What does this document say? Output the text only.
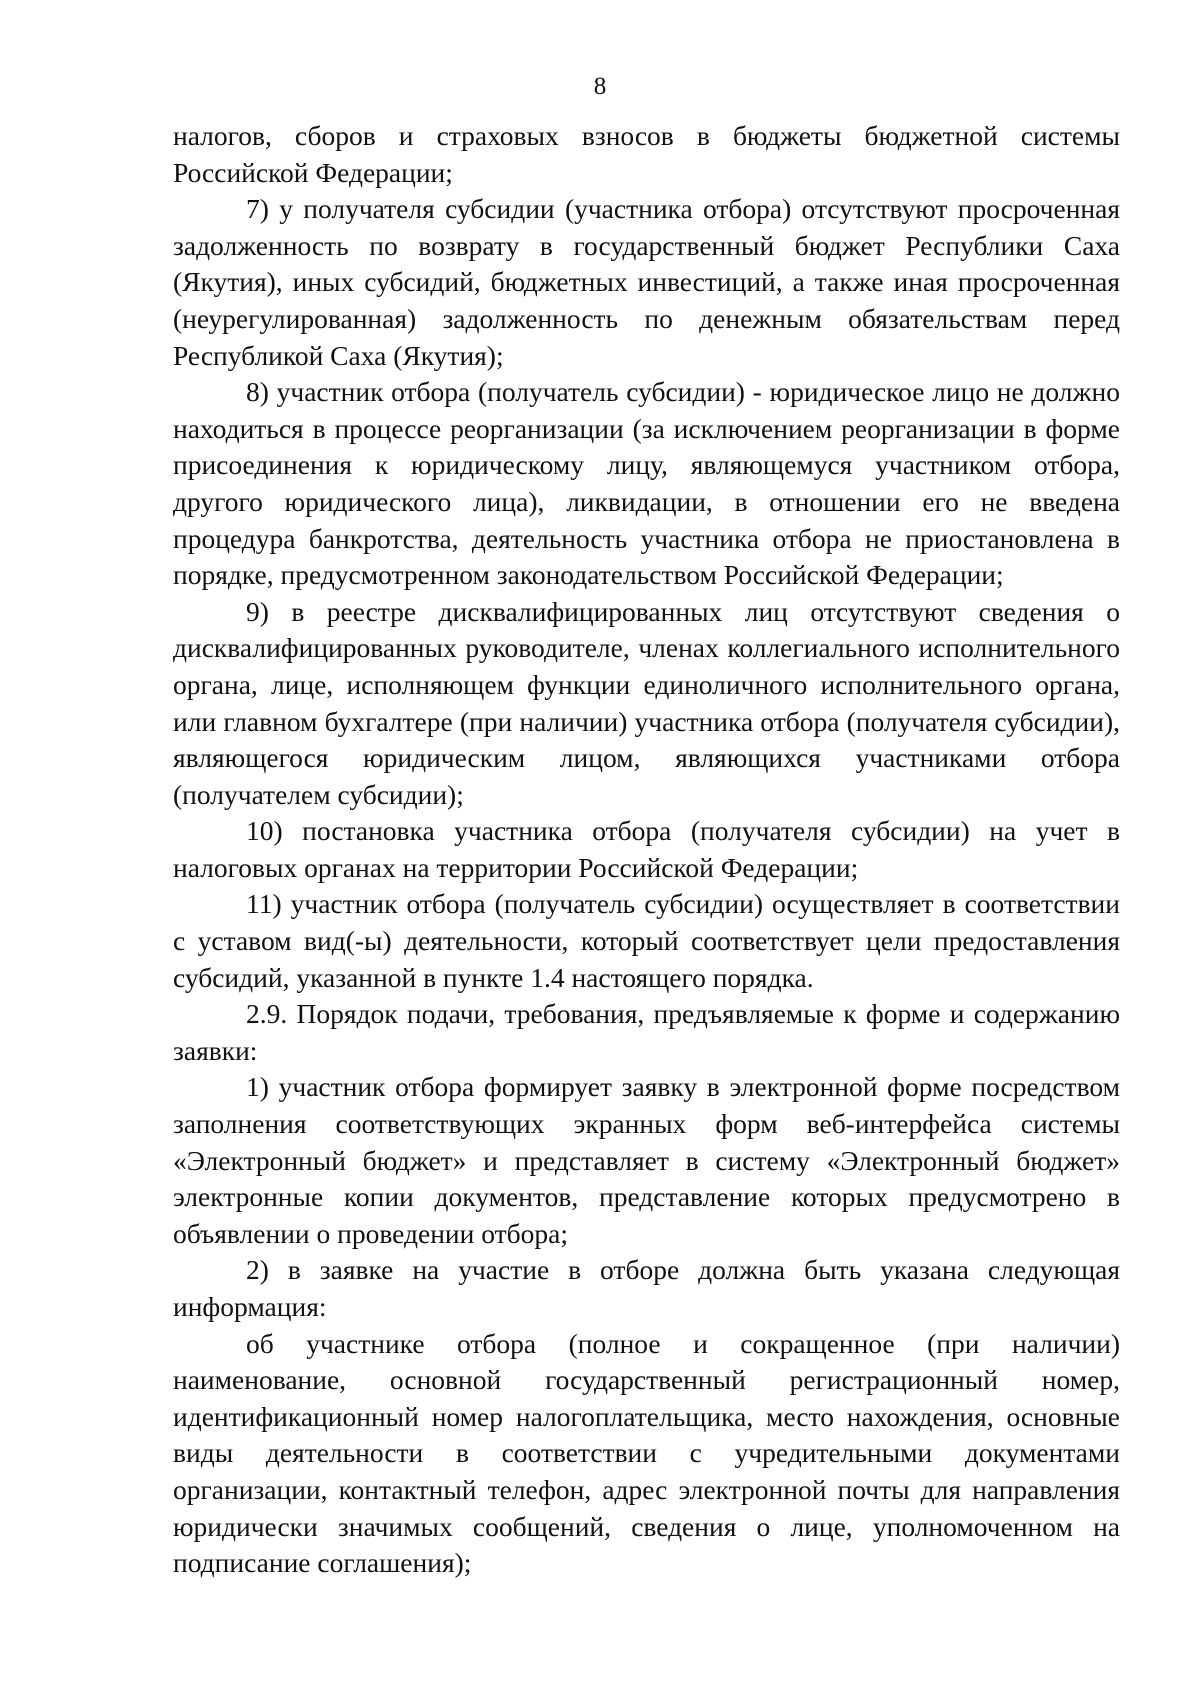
8

налогов, сборов и страховых взносов в бюджеты бюджетной системы Российской Федерации;

7) у получателя субсидии (участника отбора) отсутствуют просроченная задолженность по возврату в государственный бюджет Республики Саха (Якутия), иных субсидий, бюджетных инвестиций, а также иная просроченная (неурегулированная) задолженность по денежным обязательствам перед Республикой Саха (Якутия);

8) участник отбора (получатель субсидии) - юридическое лицо не должно находиться в процессе реорганизации (за исключением реорганизации в форме присоединения к юридическому лицу, являющемуся участником отбора, другого юридического лица), ликвидации, в отношении его не введена процедура банкротства, деятельность участника отбора не приостановлена в порядке, предусмотренном законодательством Российской Федерации;

9) в реестре дисквалифицированных лиц отсутствуют сведения о дисквалифицированных руководителе, членах коллегиального исполнительного органа, лице, исполняющем функции единоличного исполнительного органа, или главном бухгалтере (при наличии) участника отбора (получателя субсидии), являющегося юридическим лицом, являющихся участниками отбора (получателем субсидии);

10) постановка участника отбора (получателя субсидии) на учет в налоговых органах на территории Российской Федерации;

11) участник отбора (получатель субсидии) осуществляет в соответствии с уставом вид(-ы) деятельности, который соответствует цели предоставления субсидий, указанной в пункте 1.4 настоящего порядка.

2.9. Порядок подачи, требования, предъявляемые к форме и содержанию заявки:

1) участник отбора формирует заявку в электронной форме посредством заполнения соответствующих экранных форм веб-интерфейса системы «Электронный бюджет» и представляет в систему «Электронный бюджет» электронные копии документов, представление которых предусмотрено в объявлении о проведении отбора;

2) в заявке на участие в отборе должна быть указана следующая информация:

об участнике отбора (полное и сокращенное (при наличии) наименование, основной государственный регистрационный номер, идентификационный номер налогоплательщика, место нахождения, основные виды деятельности в соответствии с учредительными документами организации, контактный телефон, адрес электронной почты для направления юридически значимых сообщений, сведения о лице, уполномоченном на подписание соглашения);
